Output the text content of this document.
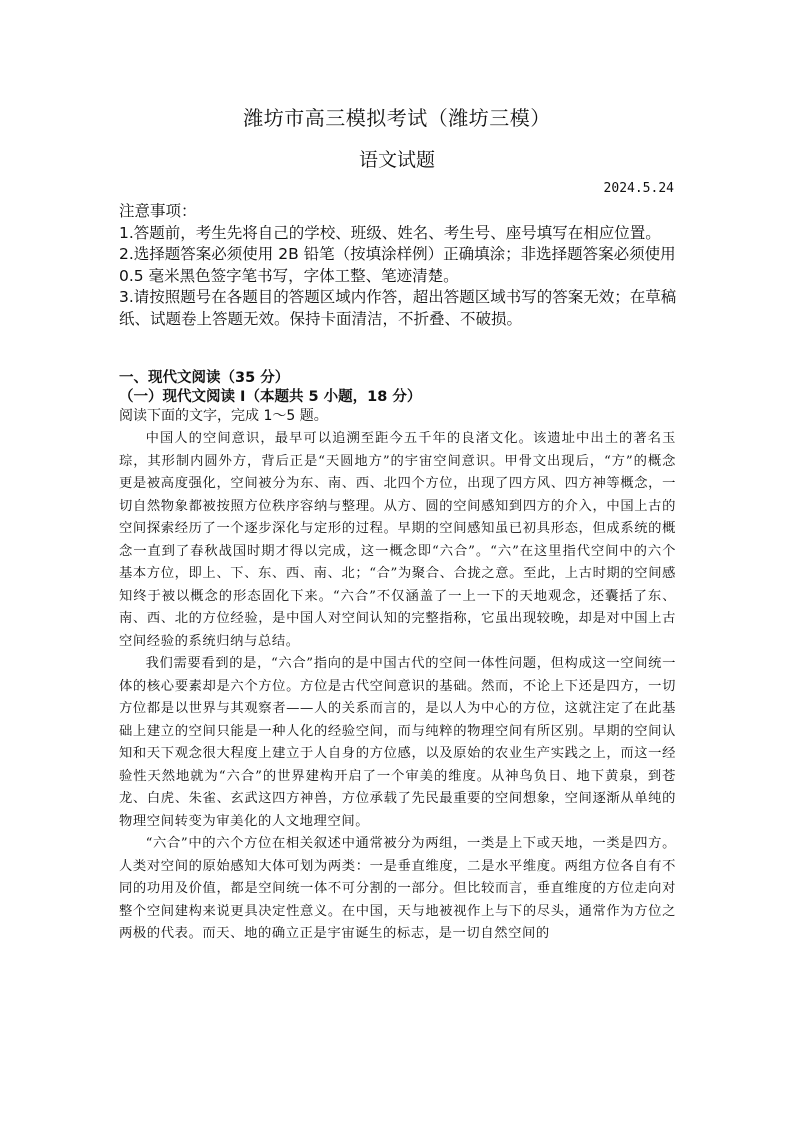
潍坊市高三模拟考试（潍坊三模）
语文试题
2024.5.24

注意事项：

1.答题前，考生先将自己的学校、班级、姓名、考生号、座号填写在相应位置。

2.选择题答案必须使用 2B 铅笔（按填涂样例）正确填涂；非选择题答案必须使用 0.5 毫米黑色签字笔书写，字体工整、笔迹清楚。

3.请按照题号在各题目的答题区域内作答，超出答题区域书写的答案无效；在草稿纸、试题卷上答题无效。保持卡面清洁，不折叠、不破损。

一、现代文阅读（35 分）

（一）现代文阅读 I（本题共 5 小题，18 分）

阅读下面的文字，完成 1～5 题。

中国人的空间意识，最早可以追溯至距今五千年的良渚文化。该遗址中出土的著名玉琮，其形制内圆外方，背后正是“天圆地方”的宇宙空间意识。甲骨文出现后，“方”的概念更是被高度强化，空间被分为东、南、西、北四个方位，出现了四方风、四方神等概念，一切自然物象都被按照方位秩序容纳与整理。从方、圆的空间感知到四方的介入，中国上古的空间探索经历了一个逐步深化与定形的过程。早期的空间感知虽已初具形态，但成系统的概念一直到了春秋战国时期才得以完成，这一概念即“六合”。“六”在这里指代空间中的六个基本方位，即上、下、东、西、南、北；“合”为聚合、合拢之意。至此，上古时期的空间感知终于被以概念的形态固化下来。“六合”不仅涵盖了一上一下的天地观念，还囊括了东、南、西、北的方位经验，是中国人对空间认知的完整指称，它虽出现较晚，却是对中国上古空间经验的系统归纳与总结。

我们需要看到的是，“六合”指向的是中国古代的空间一体性问题，但构成这一空间统一体的核心要素却是六个方位。方位是古代空间意识的基础。然而，不论上下还是四方，一切方位都是以世界与其观察者——人的关系而言的，是以人为中心的方位，这就注定了在此基础上建立的空间只能是一种人化的经验空间，而与纯粹的物理空间有所区别。早期的空间认知和天下观念很大程度上建立于人自身的方位感，以及原始的农业生产实践之上，而这一经验性天然地就为“六合”的世界建构开启了一个审美的维度。从神鸟负日、地下黄泉，到苍龙、白虎、朱雀、玄武这四方神兽，方位承载了先民最重要的空间想象，空间逐渐从单纯的物理空间转变为审美化的人文地理空间。

“六合”中的六个方位在相关叙述中通常被分为两组，一类是上下或天地，一类是四方。人类对空间的原始感知大体可划为两类：一是垂直维度，二是水平维度。两组方位各自有不同的功用及价值，都是空间统一体不可分割的一部分。但比较而言，垂直维度的方位走向对整个空间建构来说更具决定性意义。在中国，天与地被视作上与下的尽头，通常作为方位之两极的代表。而天、地的确立正是宇宙诞生的标志，是一切自然空间的
